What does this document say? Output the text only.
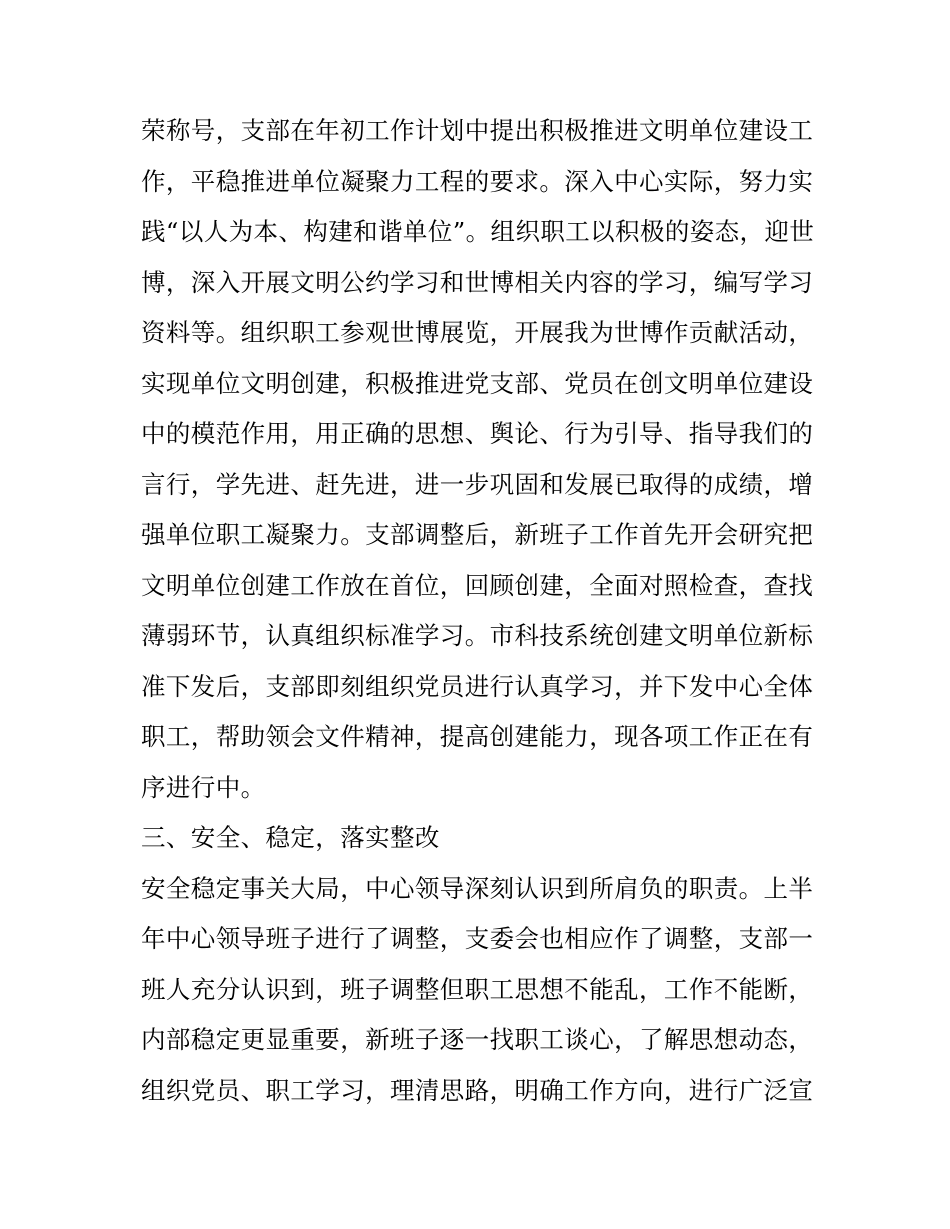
荣称号，支部在年初工作计划中提出积极推进文明单位建设工
作，平稳推进单位凝聚力工程的要求。深入中心实际，努力实
践“以人为本、构建和谐单位”。组织职工以积极的姿态，迎世
博，深入开展文明公约学习和世博相关内容的学习，编写学习
资料等。组织职工参观世博展览，开展我为世博作贡献活动，
实现单位文明创建，积极推进党支部、党员在创文明单位建设
中的模范作用，用正确的思想、舆论、行为引导、指导我们的
言行，学先进、赶先进，进一步巩固和发展已取得的成绩，增
强单位职工凝聚力。支部调整后，新班子工作首先开会研究把
文明单位创建工作放在首位，回顾创建，全面对照检查，查找
薄弱环节，认真组织标准学习。市科技系统创建文明单位新标
准下发后，支部即刻组织党员进行认真学习，并下发中心全体
职工，帮助领会文件精神，提高创建能力，现各项工作正在有
序进行中。
三、安全、稳定，落实整改
安全稳定事关大局，中心领导深刻认识到所肩负的职责。上半
年中心领导班子进行了调整，支委会也相应作了调整，支部一
班人充分认识到，班子调整但职工思想不能乱，工作不能断，
内部稳定更显重要，新班子逐一找职工谈心，了解思想动态，
组织党员、职工学习，理清思路，明确工作方向，进行广泛宣
